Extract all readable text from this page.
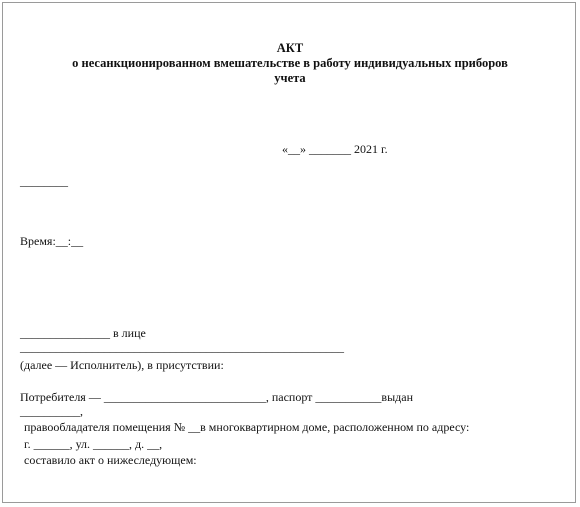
АКТ
о несанкционированном вмешательстве в работу индивидуальных приборов
учета
«__» _______ 2021 г.
________
Время:__:__
_______________ в лице
______________________________________________________
(далее — Исполнитель), в присутствии:
Потребителя — ___________________________, паспорт ___________выдан
__________,
правообладателя помещения № __в многоквартирном доме, расположенном по адресу:
г. ______, ул. ______, д. __,
составило акт о нижеследующем:
